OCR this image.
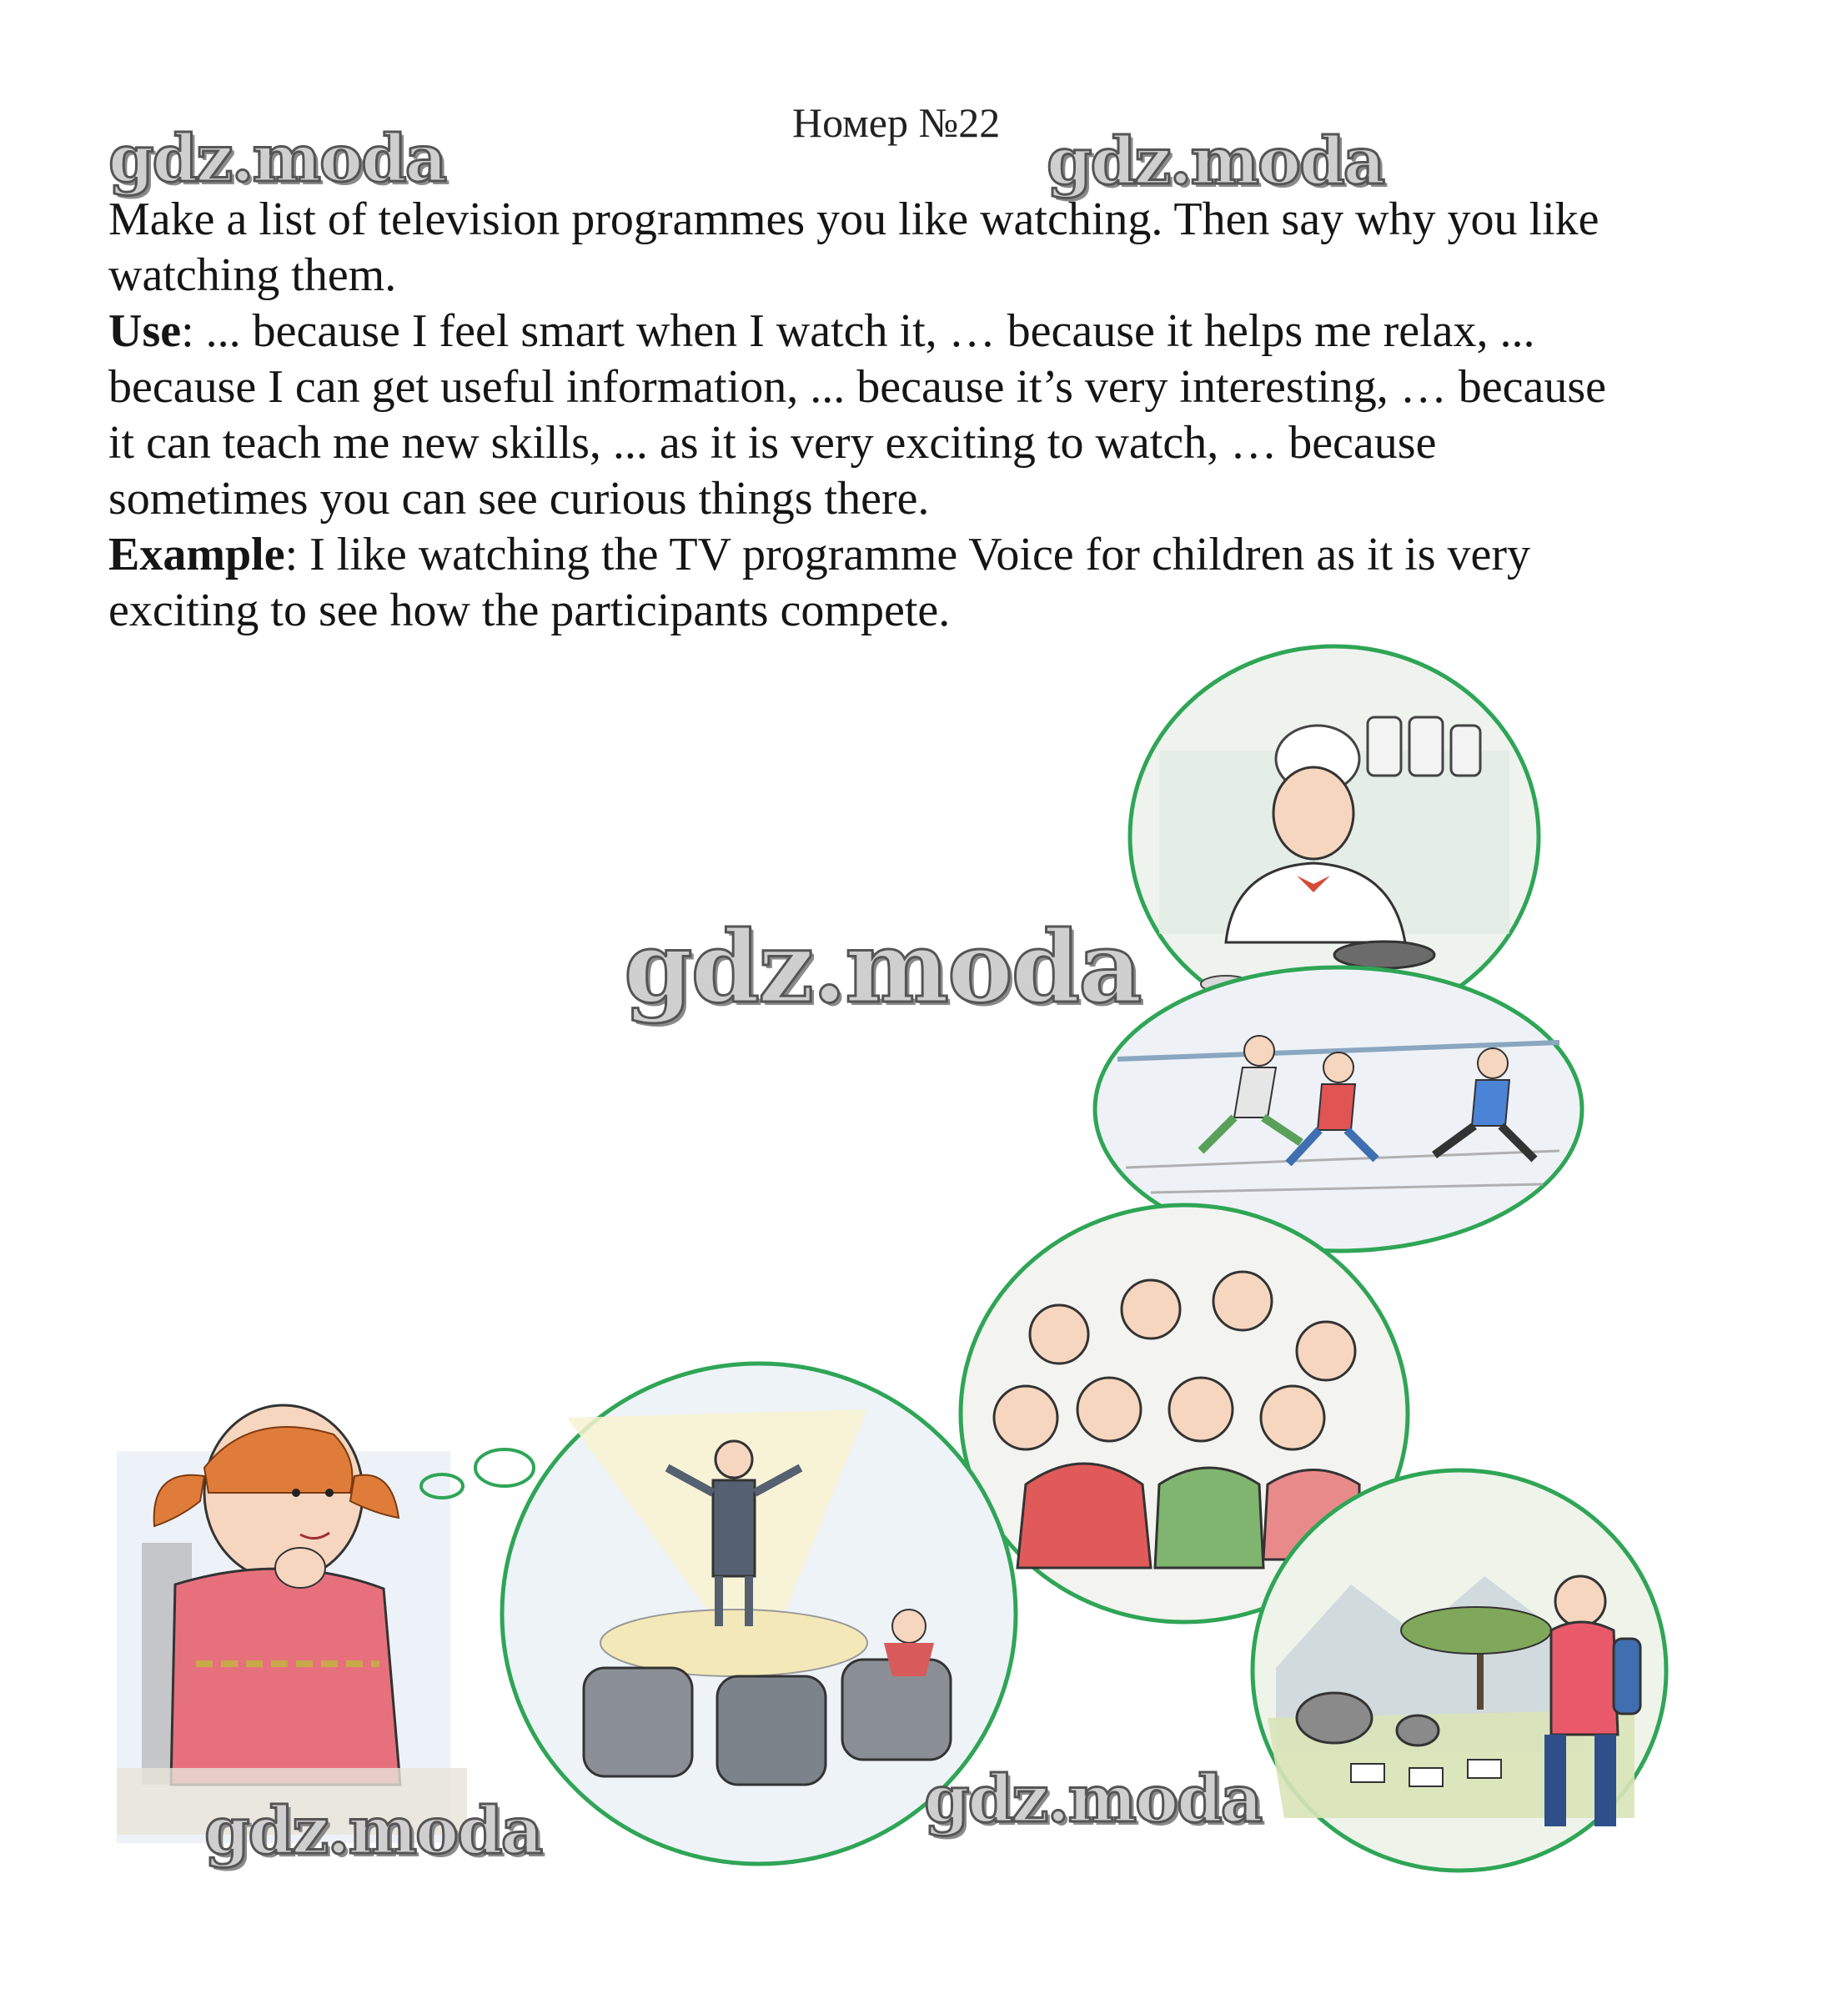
Номер №22

Make a list of television programmes you like watching. Then say why you like

watching them.

Use: ... because I feel smart when I watch it, … because it helps me relax, ...

because I can get useful information, ... because it’s very interesting, … because

it can teach me new skills, ... as it is very exciting to watch, … because

sometimes you can see curious things there.

Example: I like watching the TV programme Voice for children as it is very

exciting to see how the participants compete.

gdz.moda	gdz.moda
gdz.moda
gdz.moda	gdz.moda
